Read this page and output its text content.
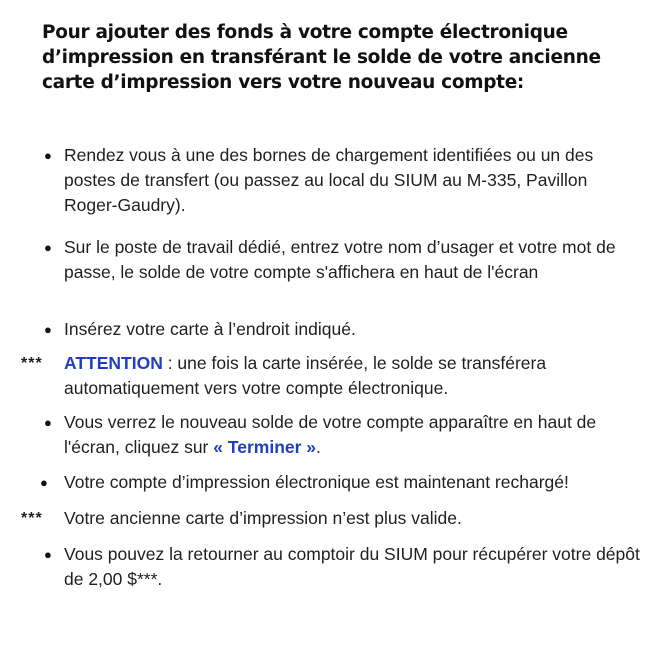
Pour ajouter des fonds à votre compte électronique d’impression en transférant le solde de votre ancienne carte d’impression vers votre nouveau compte:
● Rendez vous à une des bornes de chargement identifiées ou un des postes de transfert (ou passez au local du SIUM au M-335, Pavillon Roger-Gaudry).
● Sur le poste de travail dédié, entrez votre nom d’usager et votre mot de passe, le solde de votre compte s'affichera en haut de l'écran
● Insérez votre carte à l’endroit indiqué.
*** ATTENTION : une fois la carte insérée, le solde se transférera automatiquement vers votre compte électronique.
● Vous verrez le nouveau solde de votre compte apparaître en haut de l'écran, cliquez sur « Terminer ».
● Votre compte d’impression électronique est maintenant rechargé!
*** Votre ancienne carte d’impression n’est plus valide.
● Vous pouvez la retourner au comptoir du SIUM pour récupérer votre dépôt de 2,00 $***.
